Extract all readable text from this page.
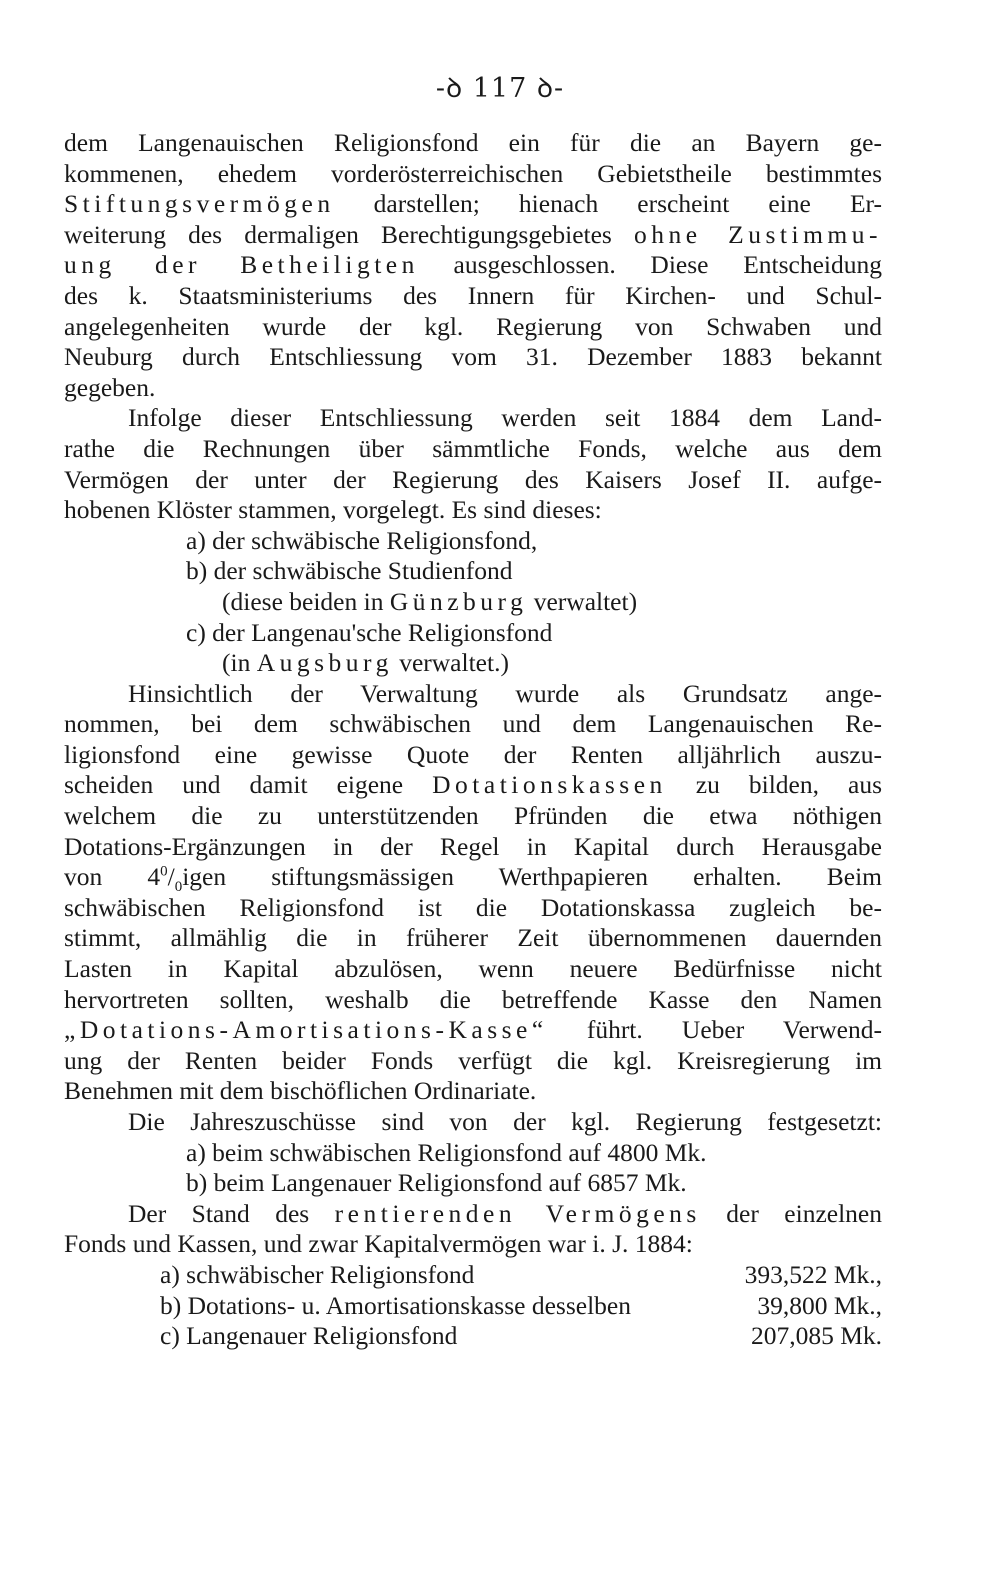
-ꝺ 117 ꝺ-
dem Langenauischen Religionsfond ein für die an Bayern ge-
kommenen, ehedem vorderösterreichischen Gebietstheile bestimmtes
Stiftungsvermögen darstellen; hienach erscheint eine Er-
weiterung des dermaligen Berechtigungsgebietes ohne Zustimmu-
ung der Betheiligten ausgeschlossen. Diese Entscheidung
des k. Staatsministeriums des Innern für Kirchen- und Schul-
angelegenheiten wurde der kgl. Regierung von Schwaben und
Neuburg durch Entschliessung vom 31. Dezember 1883 bekannt
gegeben.
Infolge dieser Entschliessung werden seit 1884 dem Land-
rathe die Rechnungen über sämmtliche Fonds, welche aus dem
Vermögen der unter der Regierung des Kaisers Josef II. aufge-
hobenen Klöster stammen, vorgelegt. Es sind dieses:
a) der schwäbische Religionsfond,
b) der schwäbische Studienfond
(diese beiden in Günzburg verwaltet)
c) der Langenau'sche Religionsfond
(in Augsburg verwaltet.)
Hinsichtlich der Verwaltung wurde als Grundsatz ange-
nommen, bei dem schwäbischen und dem Langenauischen Re-
ligionsfond eine gewisse Quote der Renten alljährlich auszu-
scheiden und damit eigene Dotationskassen zu bilden, aus
welchem die zu unterstützenden Pfründen die etwa nöthigen
Dotations-Ergänzungen in der Regel in Kapital durch Herausgabe
von $4^0/_0igen$ stiftungsmässigen Werthpapieren erhalten. Beim
schwäbischen Religionsfond ist die Dotationskassa zugleich be-
stimmt, allmählig die in früherer Zeit übernommenen dauernden
Lasten in Kapital abzulösen, wenn neuere Bedürfnisse nicht
hervortreten sollten, weshalb die betreffende Kasse den Namen
„Dotations-Amortisations-Kasse“ führt. Ueber Verwend-
ung der Renten beider Fonds verfügt die kgl. Kreisregierung im
Benehmen mit dem bischöflichen Ordinariate.
Die Jahreszuschüsse sind von der kgl. Regierung festgesetzt:
a) beim schwäbischen Religionsfond auf 4800 Mk.
b) beim Langenauer Religionsfond auf 6857 Mk.
Der Stand des rentierenden Vermögens der einzelnen
Fonds und Kassen, und zwar Kapitalvermögen war i. J. 1884:
a) schwäbischer Religionsfond	393,522 Mk.,
b) Dotations- u. Amortisationskasse desselben	39,800 Mk.,
c) Langenauer Religionsfond	207,085 Mk.
